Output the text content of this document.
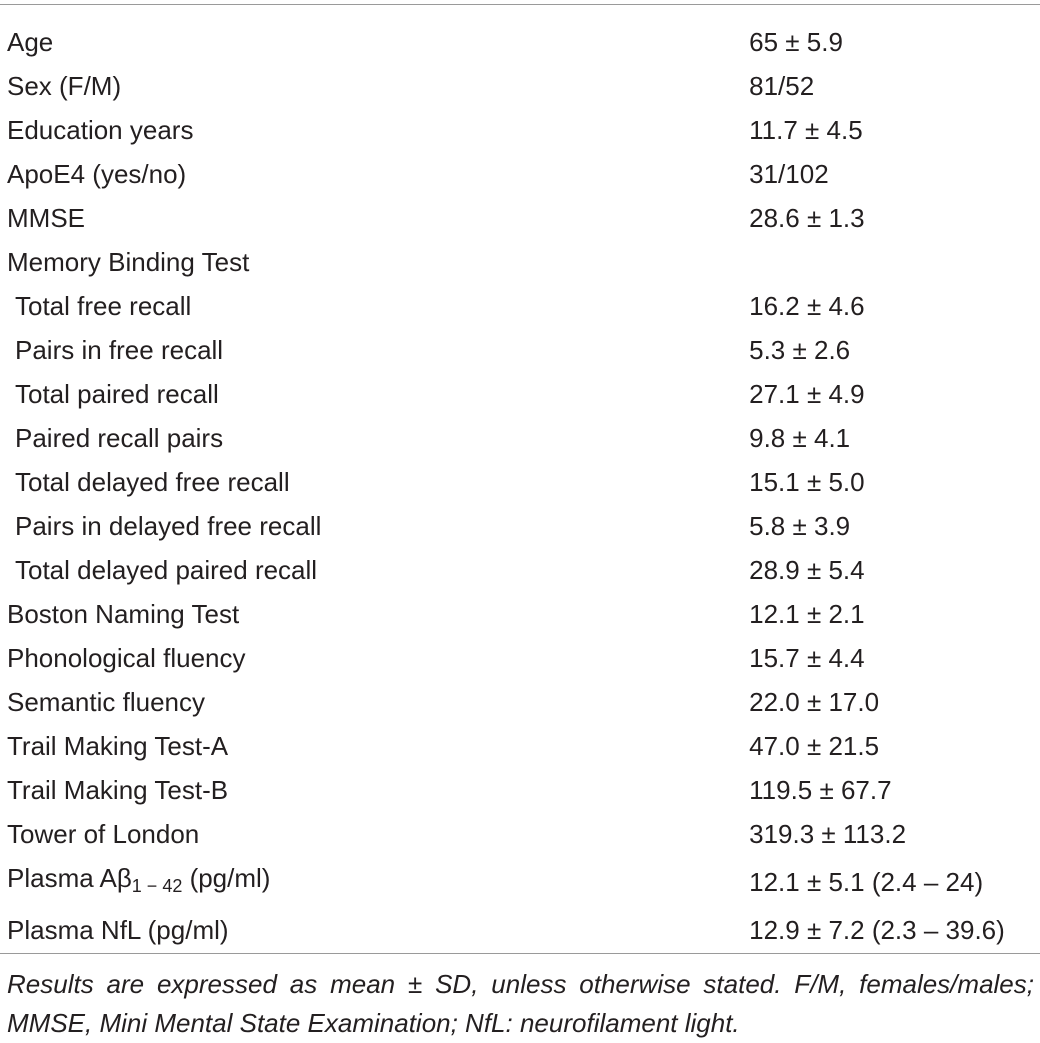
Age	65 ± 5.9
Sex (F/M)	81/52
Education years	11.7 ± 4.5
ApoE4 (yes/no)	31/102
MMSE	28.6 ± 1.3
Memory Binding Test	
Total free recall	16.2 ± 4.6
Pairs in free recall	5.3 ± 2.6
Total paired recall	27.1 ± 4.9
Paired recall pairs	9.8 ± 4.1
Total delayed free recall	15.1 ± 5.0
Pairs in delayed free recall	5.8 ± 3.9
Total delayed paired recall	28.9 ± 5.4
Boston Naming Test	12.1 ± 2.1
Phonological fluency	15.7 ± 4.4
Semantic fluency	22.0 ± 17.0
Trail Making Test-A	47.0 ± 21.5
Trail Making Test-B	119.5 ± 67.7
Tower of London	319.3 ± 113.2
Plasma $A\beta_{1 - 42}$ (pg/ml)	12.1 ± 5.1 (2.4 – 24)
Plasma NfL (pg/ml)	12.9 ± 7.2 (2.3 – 39.6)
Results are expressed as mean ± SD, unless otherwise stated. F/M, females/males; MMSE, Mini Mental State Examination; NfL: neurofilament light.
